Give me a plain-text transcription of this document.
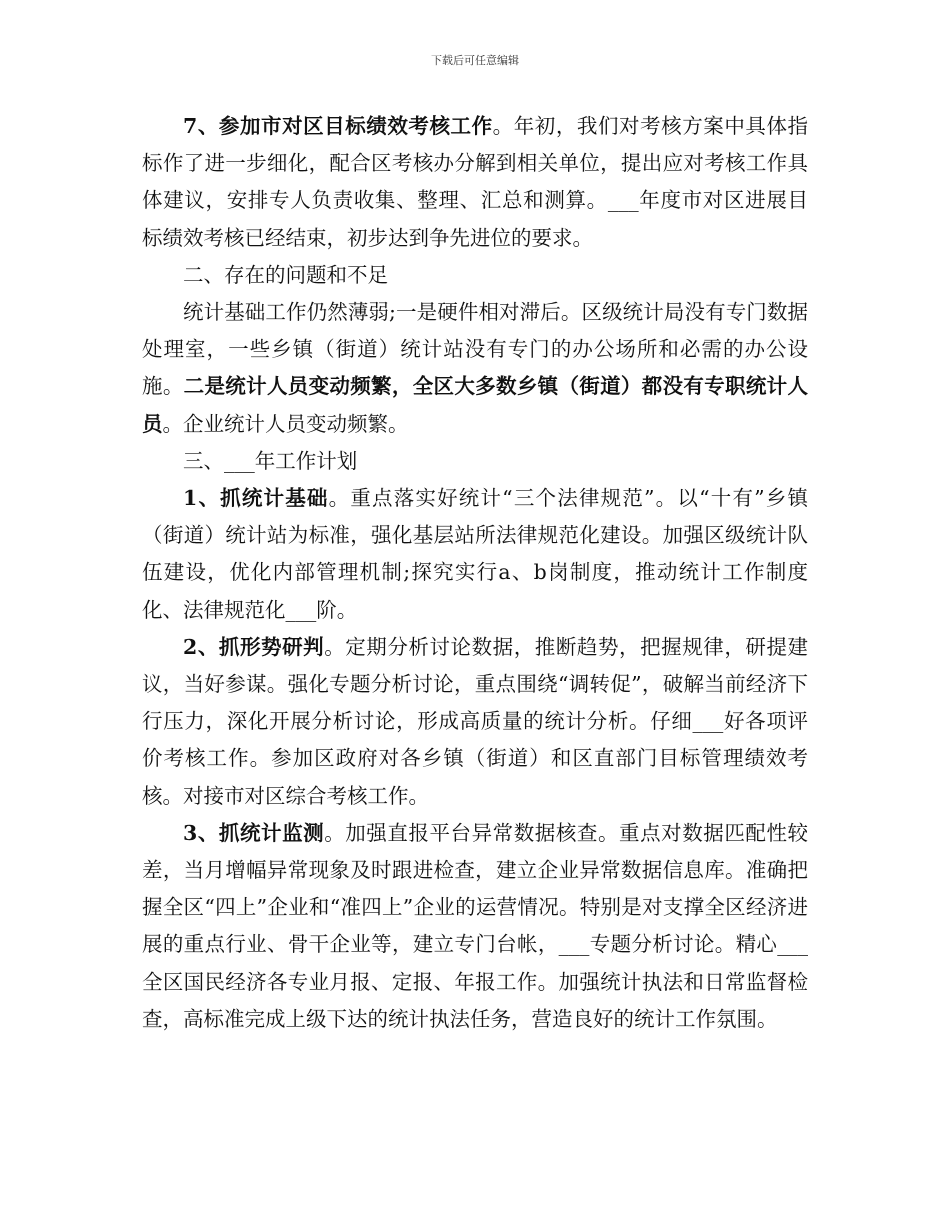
下载后可任意编辑

7、参加市对区目标绩效考核工作。年初，我们对考核方案中具体指标作了进一步细化，配合区考核办分解到相关单位，提出应对考核工作具体建议，安排专人负责收集、整理、汇总和测算。___年度市对区进展目标绩效考核已经结束，初步达到争先进位的要求。

二、存在的问题和不足

统计基础工作仍然薄弱;一是硬件相对滞后。区级统计局没有专门数据处理室，一些乡镇（街道）统计站没有专门的办公场所和必需的办公设施。二是统计人员变动频繁，全区大多数乡镇（街道）都没有专职统计人员。企业统计人员变动频繁。

三、___年工作计划

1、抓统计基础。重点落实好统计“三个法律规范”。以“十有”乡镇（街道）统计站为标准，强化基层站所法律规范化建设。加强区级统计队伍建设，优化内部管理机制;探究实行a、b岗制度，推动统计工作制度化、法律规范化___阶。

2、抓形势研判。定期分析讨论数据，推断趋势，把握规律，研提建议，当好参谋。强化专题分析讨论，重点围绕“调转促”，破解当前经济下行压力，深化开展分析讨论，形成高质量的统计分析。仔细___好各项评价考核工作。参加区政府对各乡镇（街道）和区直部门目标管理绩效考核。对接市对区综合考核工作。

3、抓统计监测。加强直报平台异常数据核查。重点对数据匹配性较差，当月增幅异常现象及时跟进检查，建立企业异常数据信息库。准确把握全区“四上”企业和“准四上”企业的运营情况。特别是对支撑全区经济进展的重点行业、骨干企业等，建立专门台帐，___专题分析讨论。精心___全区国民经济各专业月报、定报、年报工作。加强统计执法和日常监督检查，高标准完成上级下达的统计执法任务，营造良好的统计工作氛围。
